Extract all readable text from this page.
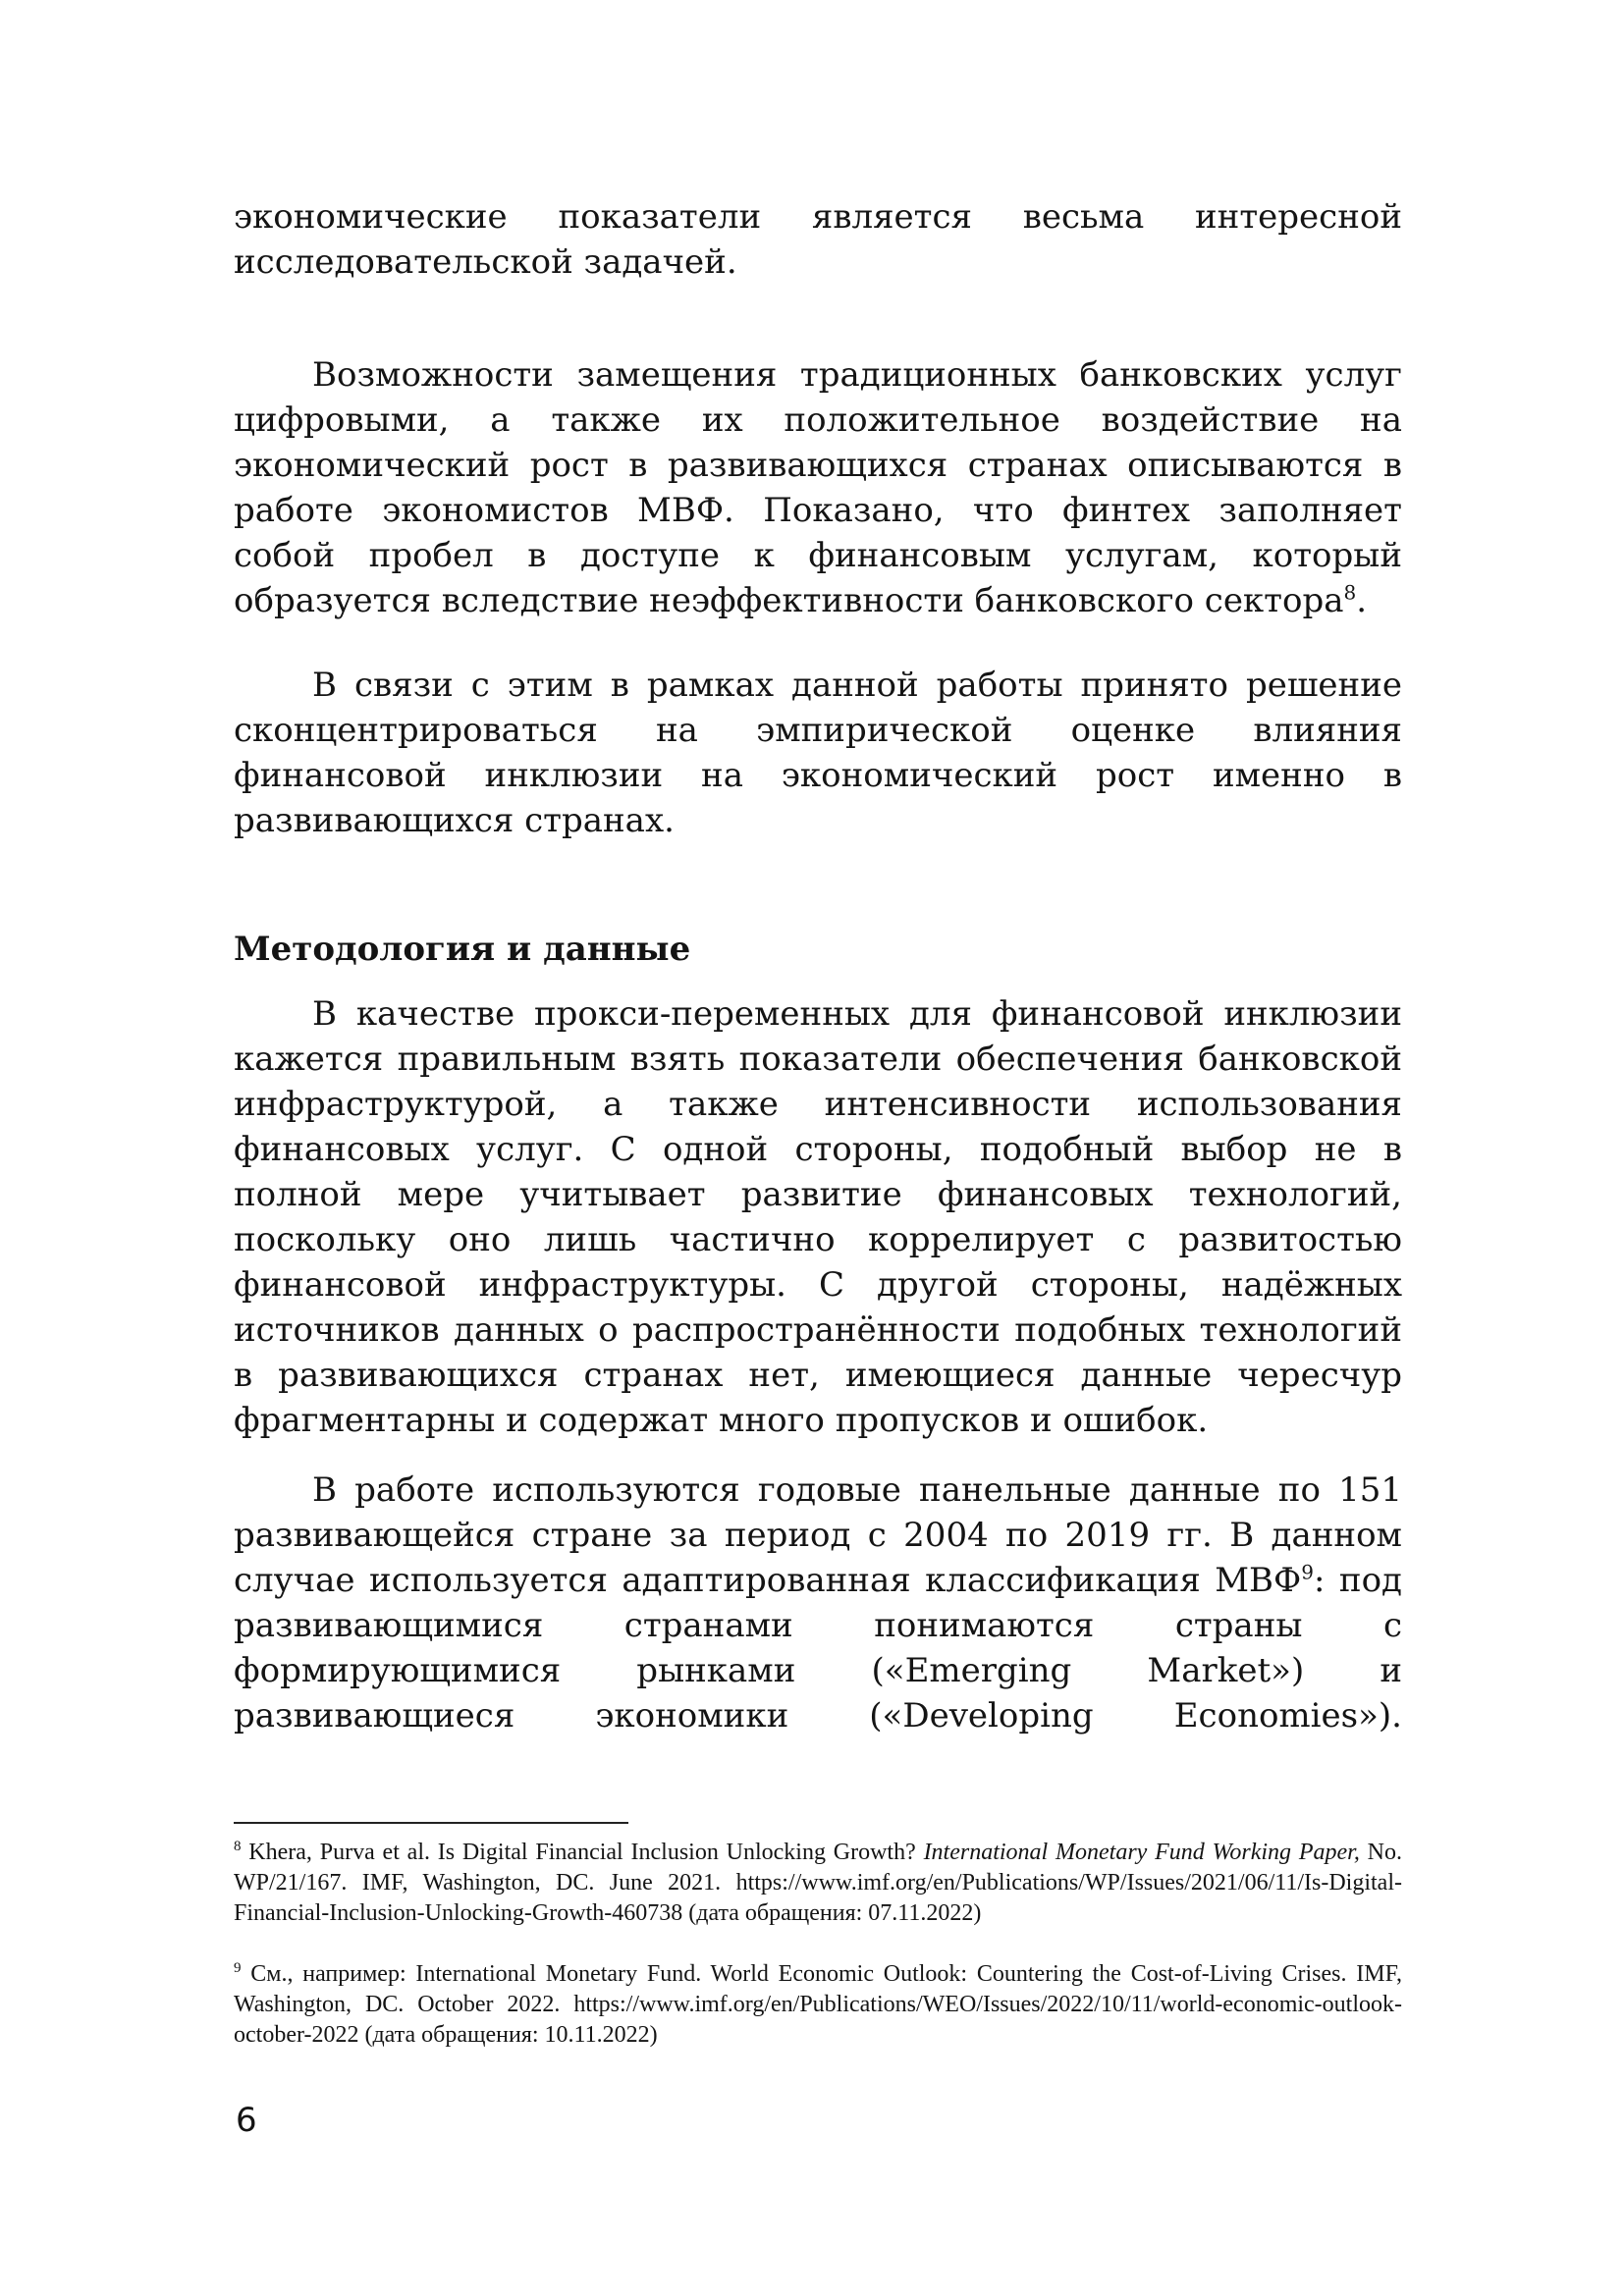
экономические показатели является весьма интересной исследовательской задачей.

Возможности замещения традиционных банковских услуг цифровыми, а также их положительное воздействие на экономический рост в развивающихся странах описываются в работе экономистов МВФ. Показано, что финтех заполняет собой пробел в доступе к финансовым услугам, который образуется вследствие неэффективности банковского сектора$^8$.

В связи с этим в рамках данной работы принято решение сконцентрироваться на эмпирической оценке влияния финансовой инклюзии на экономический рост именно в развивающихся странах.

Методология и данные

В качестве прокси-переменных для финансовой инклюзии кажется правильным взять показатели обеспечения банковской инфраструктурой, а также интенсивности использования финансовых услуг. С одной стороны, подобный выбор не в полной мере учитывает развитие финансовых технологий, поскольку оно лишь частично коррелирует с развитостью финансовой инфраструктуры. С другой стороны, надёжных источников данных о распространённости подобных технологий в развивающихся странах нет, имеющиеся данные чересчур фрагментарны и содержат много пропусков и ошибок.

В работе используются годовые панельные данные по 151 развивающейся стране за период с 2004 по 2019 гг. В данном случае используется адаптированная классификация МВФ$^9$: под развивающимися странами понимаются страны с формирующимися рынками («Emerging Market») и развивающиеся экономики («Developing Economies»).

$^8$ Khera, Purva et al. Is Digital Financial Inclusion Unlocking Growth? International Monetary Fund Working Paper, No. WP/21/167. IMF, Washington, DC. June 2021. https://www.imf.org/en/Publications/WP/Issues/2021/06/11/Is-Digital-Financial-Inclusion-Unlocking-Growth-460738 (дата обращения: 07.11.2022)

$^9$ См., например: International Monetary Fund. World Economic Outlook: Countering the Cost-of-Living Crises. IMF, Washington, DC. October 2022. https://www.imf.org/en/Publications/WEO/Issues/2022/10/11/world-economic-outlook-october-2022 (дата обращения: 10.11.2022)

6
